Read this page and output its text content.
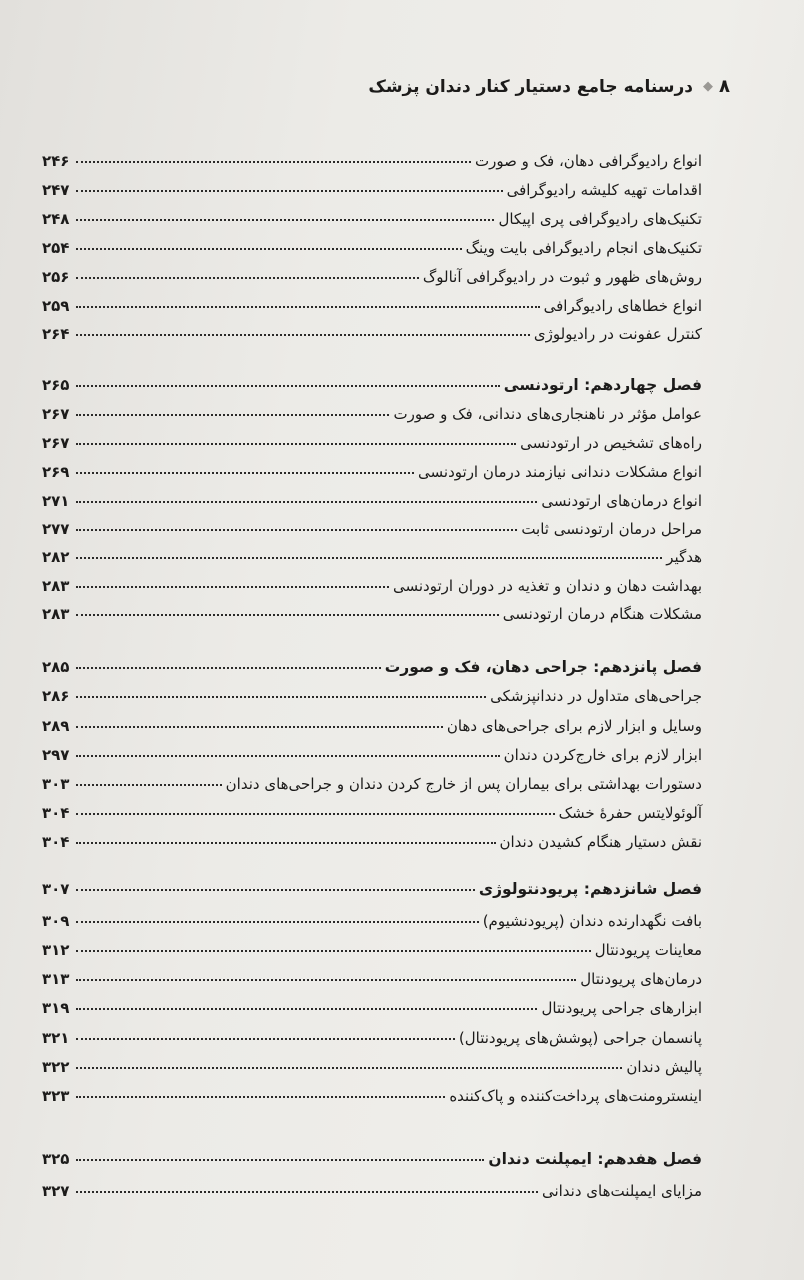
۸
◆
درسنامه جامع دستیار کنار دندان پزشک
انواع رادیوگرافی دهان، فک و صورت
۲۴۶
اقدامات تهیه کلیشه رادیوگرافی
۲۴۷
تکنیک‌های رادیوگرافی پری اپیکال
۲۴۸
تکنیک‌های انجام رادیوگرافی بایت وینگ
۲۵۴
روش‌های ظهور و ثبوت در رادیوگرافی آنالوگ
۲۵۶
انواع خطاهای رادیوگرافی
۲۵۹
کنترل عفونت در رادیولوژی
۲۶۴
فصل چهاردهم: ارتودنسی
۲۶۵
عوامل مؤثر در ناهنجاری‌های دندانی، فک و صورت
۲۶۷
راه‌های تشخیص در ارتودنسی
۲۶۷
انواع مشکلات دندانی نیازمند درمان ارتودنسی
۲۶۹
انواع درمان‌های ارتودنسی
۲۷۱
مراحل درمان ارتودنسی ثابت
۲۷۷
هدگیر
۲۸۲
بهداشت دهان و دندان و تغذیه در دوران ارتودنسی
۲۸۳
مشکلات هنگام درمان ارتودنسی
۲۸۳
فصل پانزدهم: جراحی دهان، فک و صورت
۲۸۵
جراحی‌های متداول در دندانپزشکی
۲۸۶
وسایل و ابزار لازم برای جراحی‌های دهان
۲۸۹
ابزار لازم برای خارج‌کردن دندان
۲۹۷
دستورات بهداشتی برای بیماران پس از خارج کردن دندان و جراحی‌های دندان
۳۰۳
آلوئولایتس حفرهٔ خشک
۳۰۴
نقش دستیار هنگام کشیدن دندان
۳۰۴
فصل شانزدهم: پریودنتولوژی
۳۰۷
بافت نگهدارنده دندان (پریودنشیوم)
۳۰۹
معاینات پریودنتال
۳۱۲
درمان‌های پریودنتال
۳۱۳
ابزارهای جراحی پریودنتال
۳۱۹
پانسمان جراحی (پوشش‌های پریودنتال)
۳۲۱
پالیش دندان
۳۲۲
اینسترومنت‌های پرداخت‌کننده و پاک‌کننده
۳۲۳
فصل هفدهم: ایمپلنت دندان
۳۲۵
مزایای ایمپلنت‌های دندانی
۳۲۷
